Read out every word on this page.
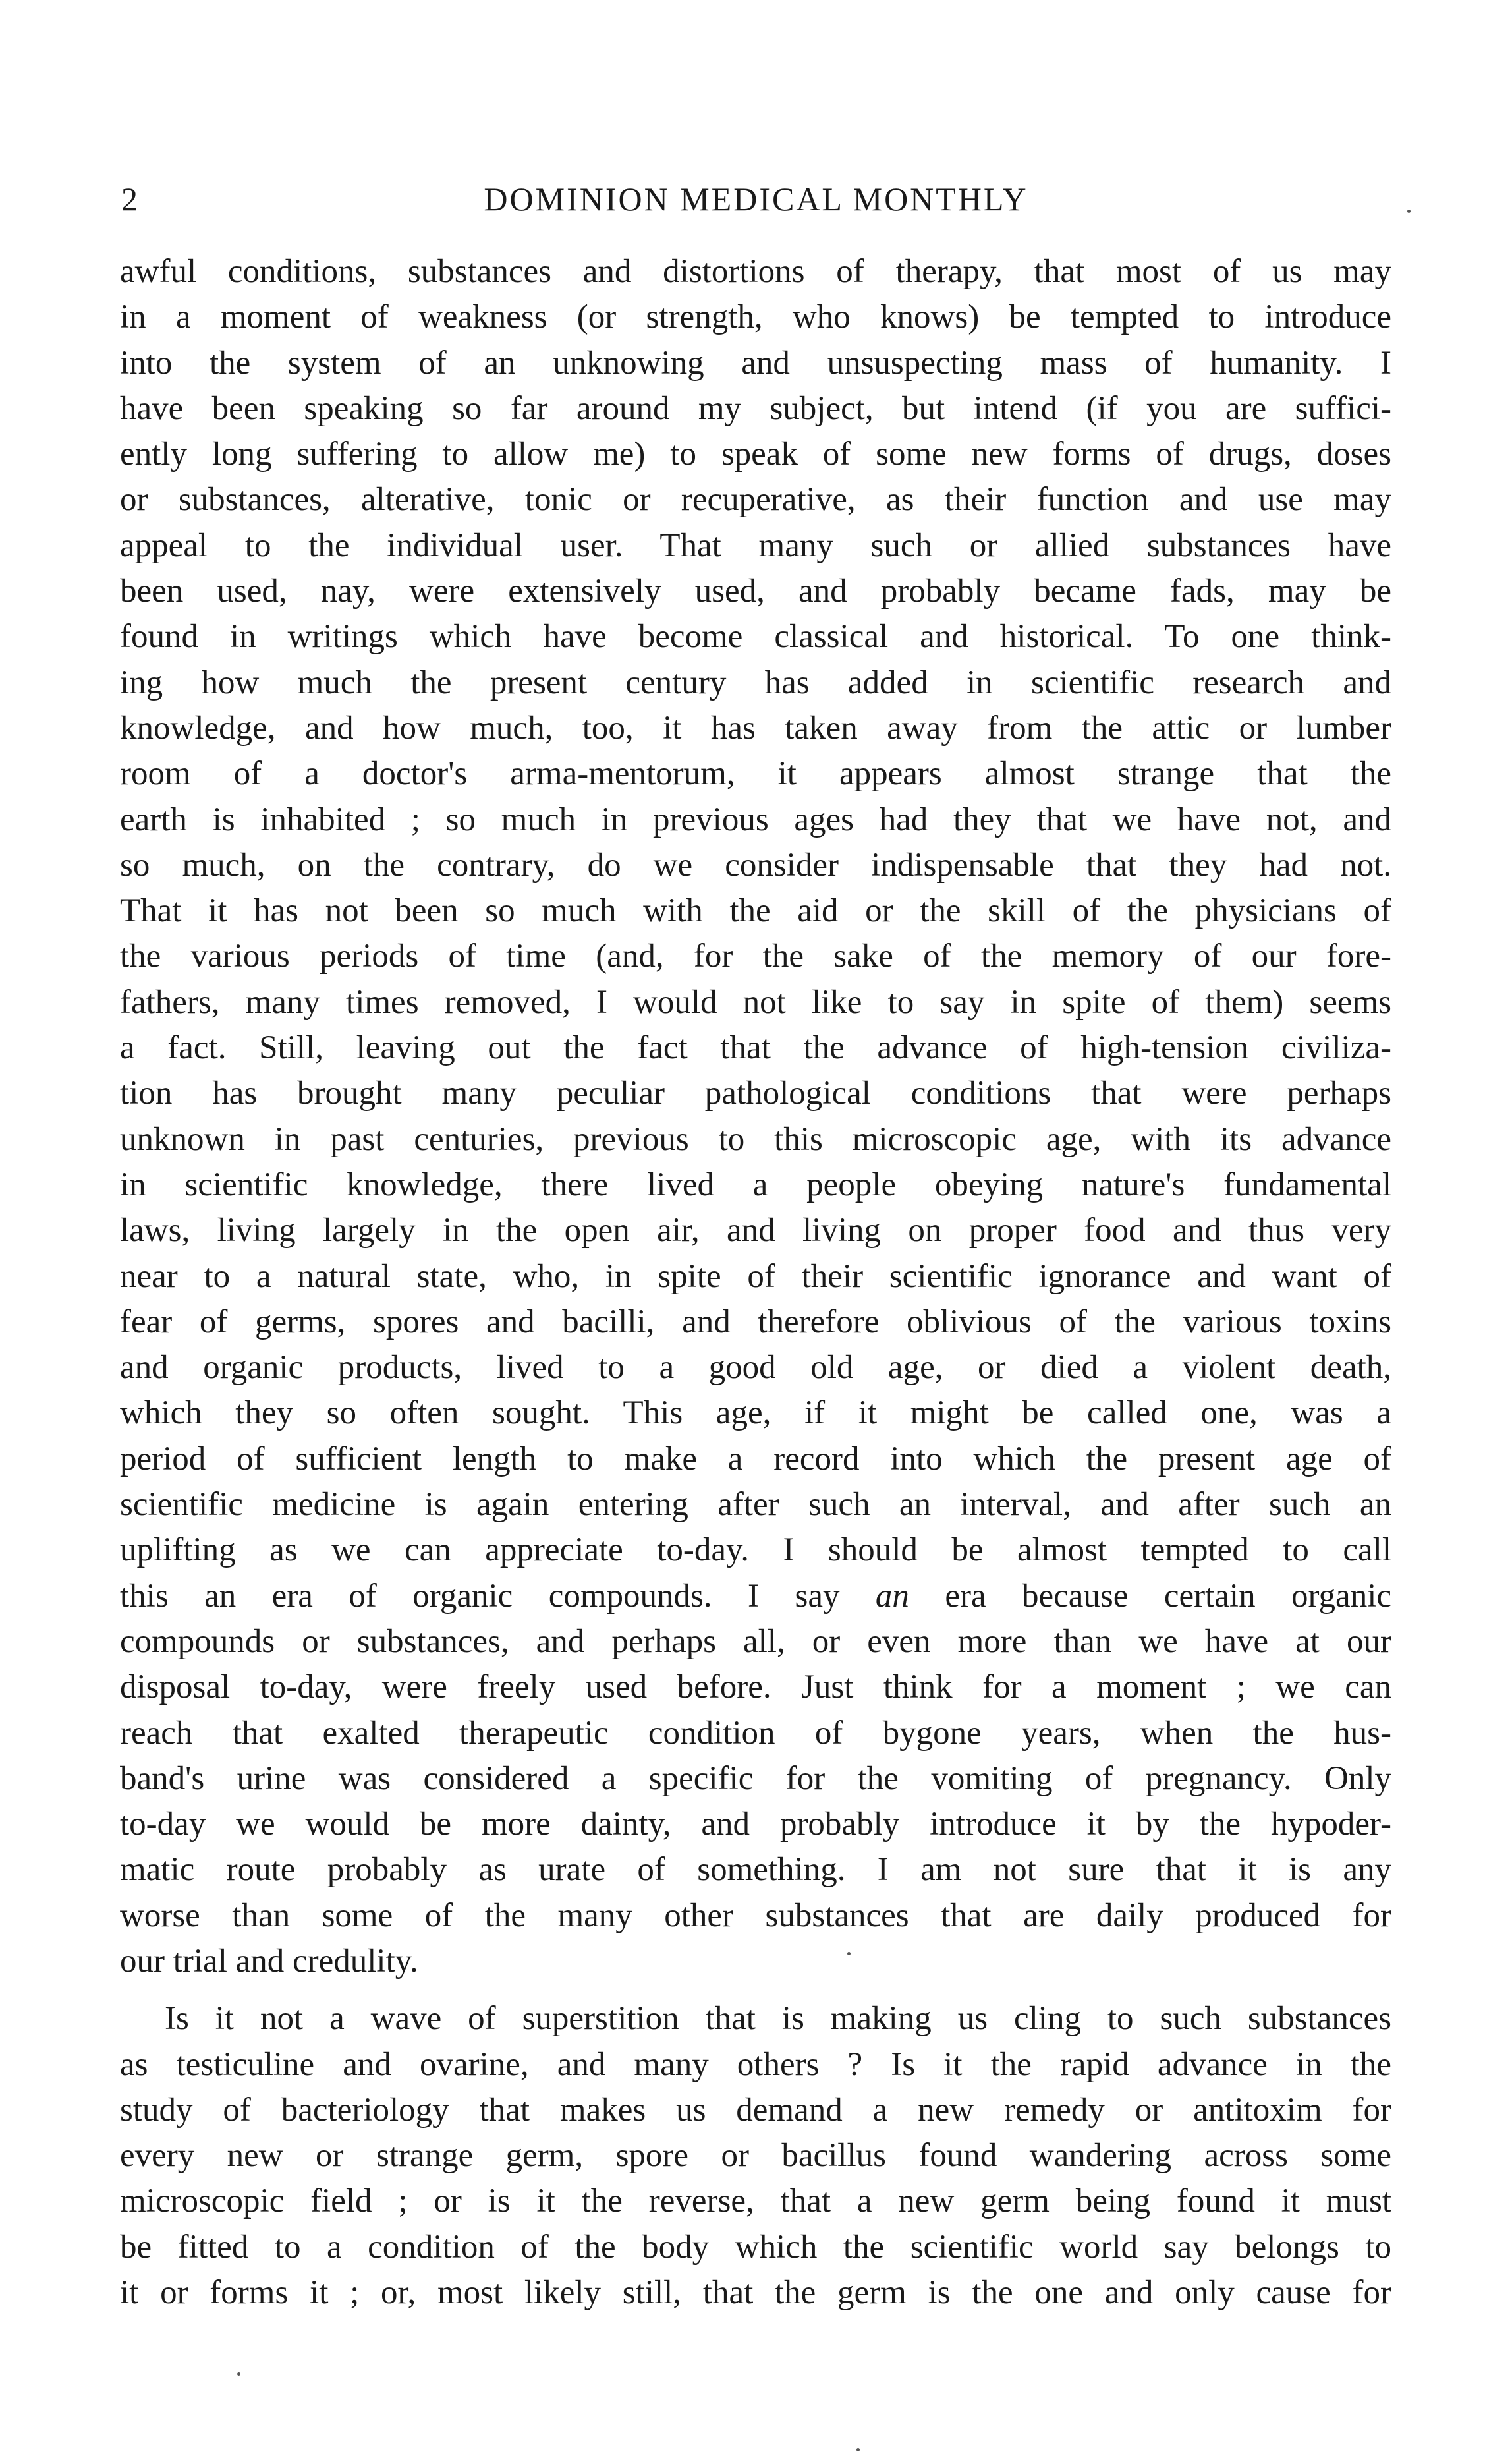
2	DOMINION MEDICAL MONTHLY
awful conditions, substances and distortions of therapy, that most of us may
in a moment of weakness (or strength, who knows) be tempted to introduce
into the system of an unknowing and unsuspecting mass of humanity. I
have been speaking so far around my subject, but intend (if you are suffici-
ently long suffering to allow me) to speak of some new forms of drugs, doses
or substances, alterative, tonic or recuperative, as their function and use may
appeal to the individual user. That many such or allied substances have
been used, nay, were extensively used, and probably became fads, may be
found in writings which have become classical and historical. To one think-
ing how much the present century has added in scientific research and
knowledge, and how much, too, it has taken away from the attic or lumber
room of a doctor's arma-mentorum, it appears almost strange that the
earth is inhabited ; so much in previous ages had they that we have not, and
so much, on the contrary, do we consider indispensable that they had not.
That it has not been so much with the aid or the skill of the physicians of
the various periods of time (and, for the sake of the memory of our fore-
fathers, many times removed, I would not like to say in spite of them) seems
a fact. Still, leaving out the fact that the advance of high-tension civiliza-
tion has brought many peculiar pathological conditions that were perhaps
unknown in past centuries, previous to this microscopic age, with its advance
in scientific knowledge, there lived a people obeying nature's fundamental
laws, living largely in the open air, and living on proper food and thus very
near to a natural state, who, in spite of their scientific ignorance and want of
fear of germs, spores and bacilli, and therefore oblivious of the various toxins
and organic products, lived to a good old age, or died a violent death,
which they so often sought. This age, if it might be called one, was a
period of sufficient length to make a record into which the present age of
scientific medicine is again entering after such an interval, and after such an
uplifting as we can appreciate to-day. I should be almost tempted to call
this an era of organic compounds. I say an era because certain organic
compounds or substances, and perhaps all, or even more than we have at our
disposal to-day, were freely used before. Just think for a moment ; we can
reach that exalted therapeutic condition of bygone years, when the hus-
band's urine was considered a specific for the vomiting of pregnancy. Only
to-day we would be more dainty, and probably introduce it by the hypoder-
matic route probably as urate of something. I am not sure that it is any
worse than some of the many other substances that are daily produced for
our trial and credulity.
Is it not a wave of superstition that is making us cling to such substances
as testiculine and ovarine, and many others ? Is it the rapid advance in the
study of bacteriology that makes us demand a new remedy or antitoxim for
every new or strange germ, spore or bacillus found wandering across some
microscopic field ; or is it the reverse, that a new germ being found it must
be fitted to a condition of the body which the scientific world say belongs to
it or forms it ; or, most likely still, that the germ is the one and only cause for
